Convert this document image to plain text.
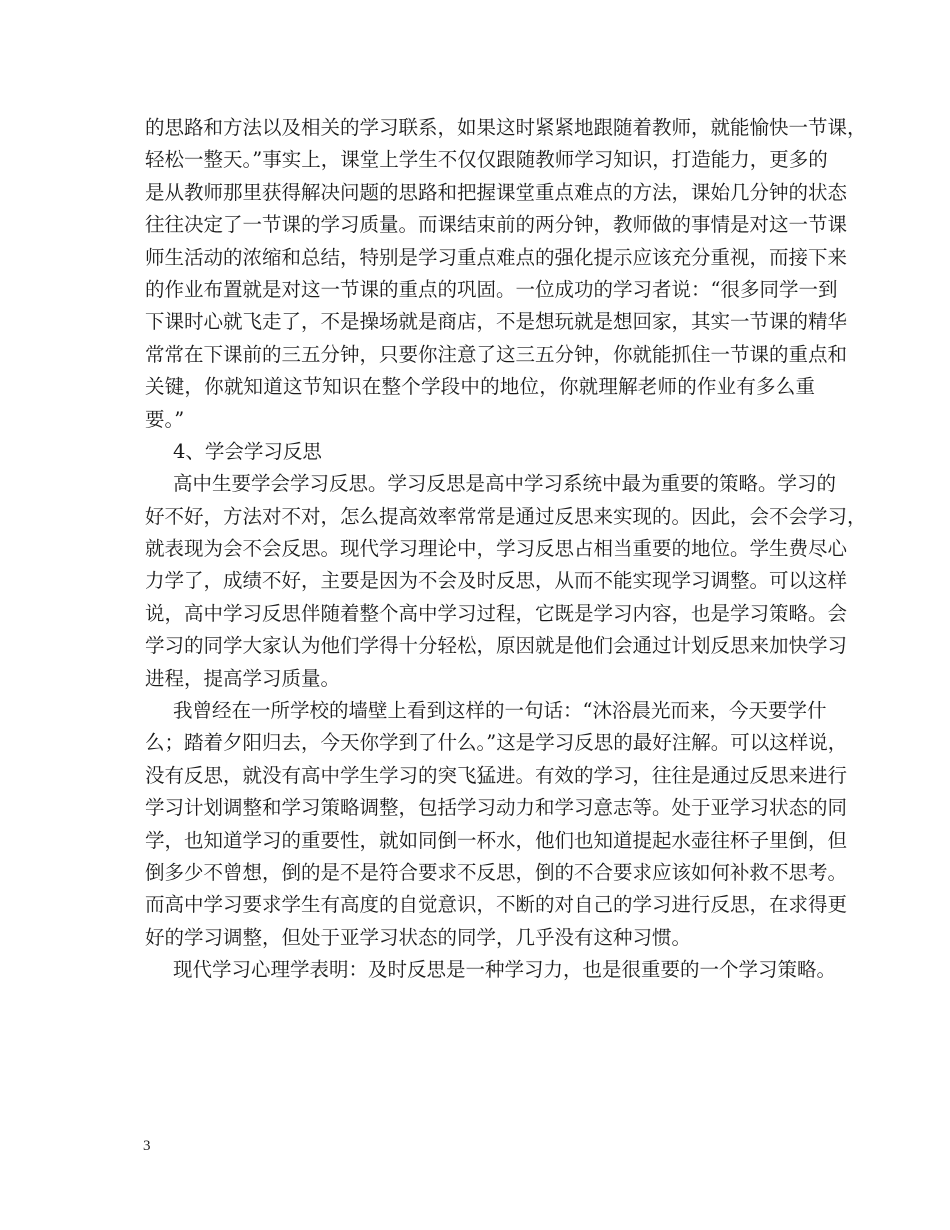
的思路和方法以及相关的学习联系，如果这时紧紧地跟随着教师，就能愉快一节课，
轻松一整天。”事实上，课堂上学生不仅仅跟随教师学习知识，打造能力，更多的
是从教师那里获得解决问题的思路和把握课堂重点难点的方法，课始几分钟的状态
往往决定了一节课的学习质量。而课结束前的两分钟，教师做的事情是对这一节课
师生活动的浓缩和总结，特别是学习重点难点的强化提示应该充分重视，而接下来
的作业布置就是对这一节课的重点的巩固。一位成功的学习者说：“很多同学一到
下课时心就飞走了，不是操场就是商店，不是想玩就是想回家，其实一节课的精华
常常在下课前的三五分钟，只要你注意了这三五分钟，你就能抓住一节课的重点和
关键，你就知道这节知识在整个学段中的地位，你就理解老师的作业有多么重
要。”
4、学会学习反思
高中生要学会学习反思。学习反思是高中学习系统中最为重要的策略。学习的
好不好，方法对不对，怎么提高效率常常是通过反思来实现的。因此，会不会学习，
就表现为会不会反思。现代学习理论中，学习反思占相当重要的地位。学生费尽心
力学了，成绩不好，主要是因为不会及时反思，从而不能实现学习调整。可以这样
说，高中学习反思伴随着整个高中学习过程，它既是学习内容，也是学习策略。会
学习的同学大家认为他们学得十分轻松，原因就是他们会通过计划反思来加快学习
进程，提高学习质量。
我曾经在一所学校的墙壁上看到这样的一句话：“沐浴晨光而来，今天要学什
么；踏着夕阳归去，今天你学到了什么。”这是学习反思的最好注解。可以这样说，
没有反思，就没有高中学生学习的突飞猛进。有效的学习，往往是通过反思来进行
学习计划调整和学习策略调整，包括学习动力和学习意志等。处于亚学习状态的同
学，也知道学习的重要性，就如同倒一杯水，他们也知道提起水壶往杯子里倒，但
倒多少不曾想，倒的是不是符合要求不反思，倒的不合要求应该如何补救不思考。
而高中学习要求学生有高度的自觉意识，不断的对自己的学习进行反思，在求得更
好的学习调整，但处于亚学习状态的同学，几乎没有这种习惯。
现代学习心理学表明：及时反思是一种学习力，也是很重要的一个学习策略。
3
